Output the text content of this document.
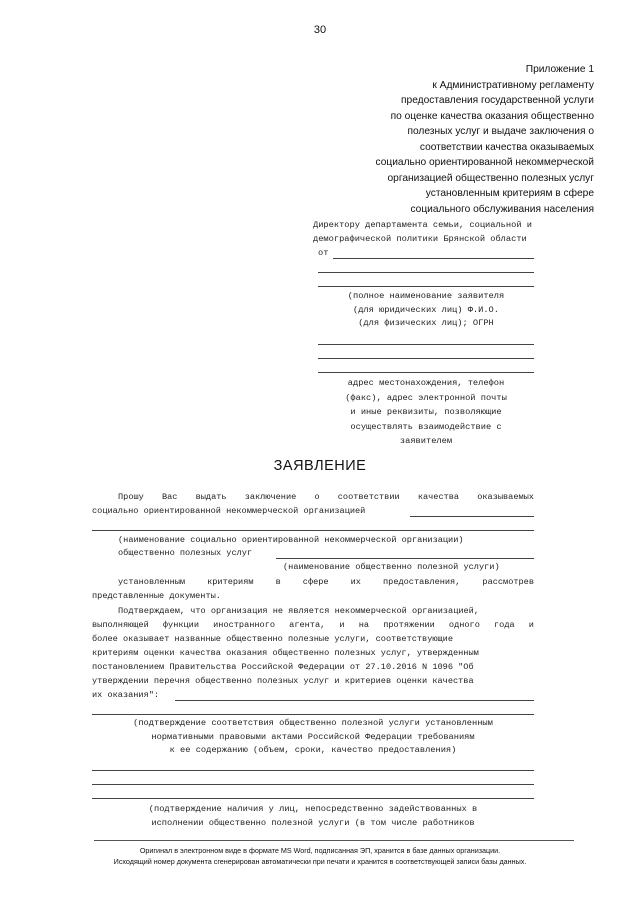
30
Приложение 1
к Административному регламенту
предоставления государственной услуги
по оценке качества оказания общественно
полезных услуг и выдаче заключения о
соответствии качества оказываемых
социально ориентированной некоммерческой
организацией общественно полезных услуг
установленным критериям в сфере
социального обслуживания населения
Директору департамента семьи, социальной и
демографической политики Брянской области
от
(полное наименование заявителя
(для юридических лиц) Ф.И.О.
(для физических лиц); ОГРН
адрес местонахождения, телефон
(факс), адрес электронной почты
и иные реквизиты, позволяющие
осуществлять взаимодействие с
заявителем
ЗАЯВЛЕНИЕ
Прошу Вас выдать заключение о соответствии качества оказываемых
социально ориентированной некоммерческой организацией
(наименование социально ориентированной некоммерческой организации)
общественно полезных услуг
(наименование общественно полезной услуги)
установленным	критериям	в	сфере	их	предоставления,	рассмотрев
представленные документы.
Подтверждаем, что организация не является некоммерческой организацией,
выполняющей функции иностранного агента, и на протяжении одного года и
более оказывает названные общественно полезные услуги, соответствующие
критериям оценки качества оказания общественно полезных услуг, утвержденным
постановлением Правительства Российской Федерации от 27.10.2016 N 1096 "Об
утверждении перечня общественно полезных услуг и критериев оценки качества
их оказания":
(подтверждение соответствия общественно полезной услуги установленным
нормативными правовыми актами Российской Федерации требованиям
к ее содержанию (объем, сроки, качество предоставления)
(подтверждение наличия у лиц, непосредственно задействованных в
исполнении общественно полезной услуги (в том числе работников
Оригинал в электронном виде в формате MS Word, подписанная ЭП, хранится в базе данных организации.
Исходящий номер документа сгенерирован автоматически при печати и хранится в соответствующей записи базы данных.
